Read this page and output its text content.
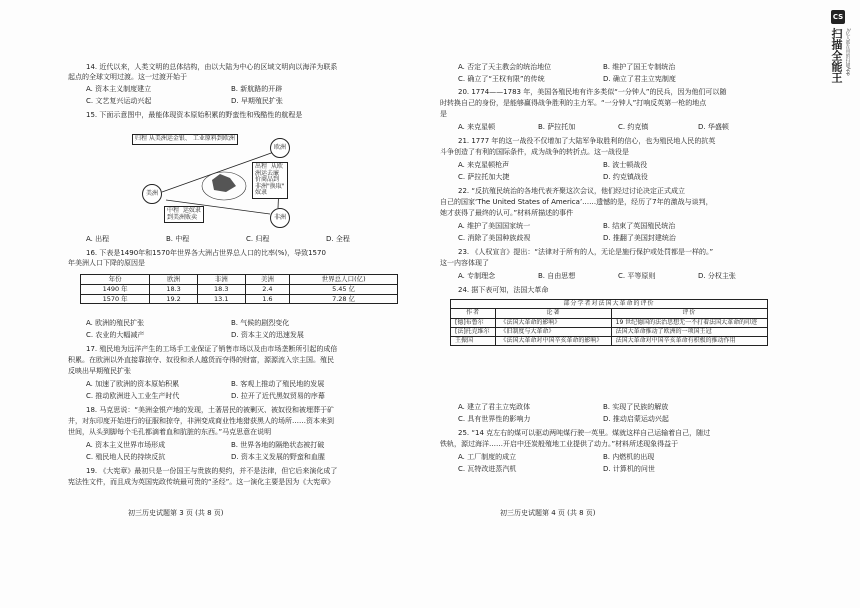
14. 近代以来，人类文明的总体结构，由以大陆为中心的区域文明向以海洋为联系
起点的全球文明过渡。这一过渡开始于
A. 资本主义制度建立	B. 新航路的开辟
C. 文艺复兴运动兴起	D. 早期殖民扩张
15. 下面示意图中，最能体现资本原始积累的野蛮性和残酷性的航程是
归程 从美洲运金银、 工业原料到欧洲
欧洲
美洲
非洲
出程  从欧
洲运去廉
价商品到
非洲"换取"
奴隶
中程  运奴隶
到美洲贩卖
A. 出程	B. 中程	C. 归程	D. 全程
16. 下表是1490年和1570年世界各大洲占世界总人口的比率(%)，导致1570
年美洲人口下降的原因是
年份	欧洲	非洲	美洲	世界总人口(亿)
1490 年	18.3	18.3	2.4	5.45 亿
1570 年	19.2	13.1	1.6	7.28 亿
A. 欧洲的殖民扩张	B. 气候的剧烈变化
C. 农业的大幅减产	D. 资本主义的迅速发展
17. 殖民地为远洋产生的工场手工业保证了销售市场以及由市场垄断所引起的成倍
积累。在欧洲以外直接靠掠夺、奴役和杀人越货而夺得的财富，源源流入宗主国。殖民
反映出早期殖民扩张
A. 加速了欧洲的资本原始积累	B. 客观上推动了殖民地的发展
C. 推动欧洲进入工业生产时代	D. 拉开了近代黑奴贸易的序幕
18. 马克思说：“美洲金银产地的发现，土著居民的被剿灭、被奴役和被埋葬于矿
井，对东印度开始进行的征服和掠夺，非洲变成商业性地猎获黑人的场所……资本来到
世间，从头到脚每个毛孔都滴着血和肮脏的东西。”马克思意在说明
A. 资本主义世界市场形成	B. 世界各地的隔绝状态被打破
C. 殖民地人民的持续反抗	D. 资本主义发展的野蛮和血腥
19. 《大宪章》最初只是一份国王与贵族的契约，并不是法律，但它后来演化成了
宪法性文件，而且成为英国宪政传统最可贵的“圣经”。这一演化主要是因为《大宪章》
初三历史试题第 3 页 (共 8 页)
A. 否定了天主教会的统治地位	B. 维护了国王专制统治
C. 确立了“王权有限”的传统	D. 确立了君主立宪制度
20. 1774——1783 年，美国各殖民地有许多类似“一分钟人”的民兵，因为他们可以随
时转换自己的身份，是能够赢得战争胜利的主力军。“一分钟人”打响反英第一枪的地点
是
A. 来克星顿	B. 萨拉托加	C. 约克镇	D. 华盛顿
21. 1777 年的这一战役不仅增加了大陆军争取胜利的信心，也为殖民地人民的抗英
斗争创造了有利的国际条件，成为战争的转折点。这一战役是
A. 来克星顿枪声	B. 波士顿战役
C. 萨拉托加大捷	D. 约克镇战役
22. “反抗殖民统治的各地代表齐聚这次会议，他们经过讨论决定正式成立
自己的国家‘The United States of America’……遗憾的是，经历了7年的激战与谈判，
她才获得了最终的认可。”材料所描述的事件
A. 维护了美国国家统一	B. 结束了英国殖民统治
C. 消除了美国种族歧视	D. 推翻了美国封建统治
23. 《人权宣言》提出：“法律对于所有的人，无论是施行保护或处罚都是一样的。”
这一内容体现了
A. 专制理念	B. 自由思想	C. 平等原则	D. 分权主张
24. 据下表可知，法国大革命
部分学者对法国大革命的评价		
作者	论著	评价
[德]布鲁尔	《法国大革命的影响》	19 世纪德国的法治思想无一不打着法国大革命的印迹
[法]托克维尔	《旧制度与大革命》	法国大革命推动了欧洲的一项国王冠
王振国	《法国大革命对中国辛亥革命的影响》	法国大革命对中国辛亥革命有积极的推动作用
A. 建立了君主立宪政体	B. 实现了民族的解放
C. 具有世界性的影响力	D. 推动启蒙运动兴起
25. “14 克左右的煤可以驱动两吨煤行驶一英里。煤就这样自己运输着自己，随过
铁轨，源过海洋……开启中还炭般殖地工业提供了动力。”材料所述现象得益于
A. 工厂制度的成立	B. 内燃机的出现
C. 瓦特改进蒸汽机	D. 计算机的问世
初三历史试题第 4 页 (共 8 页)
CS
扫描全能王 3亿人都在用的扫描App
